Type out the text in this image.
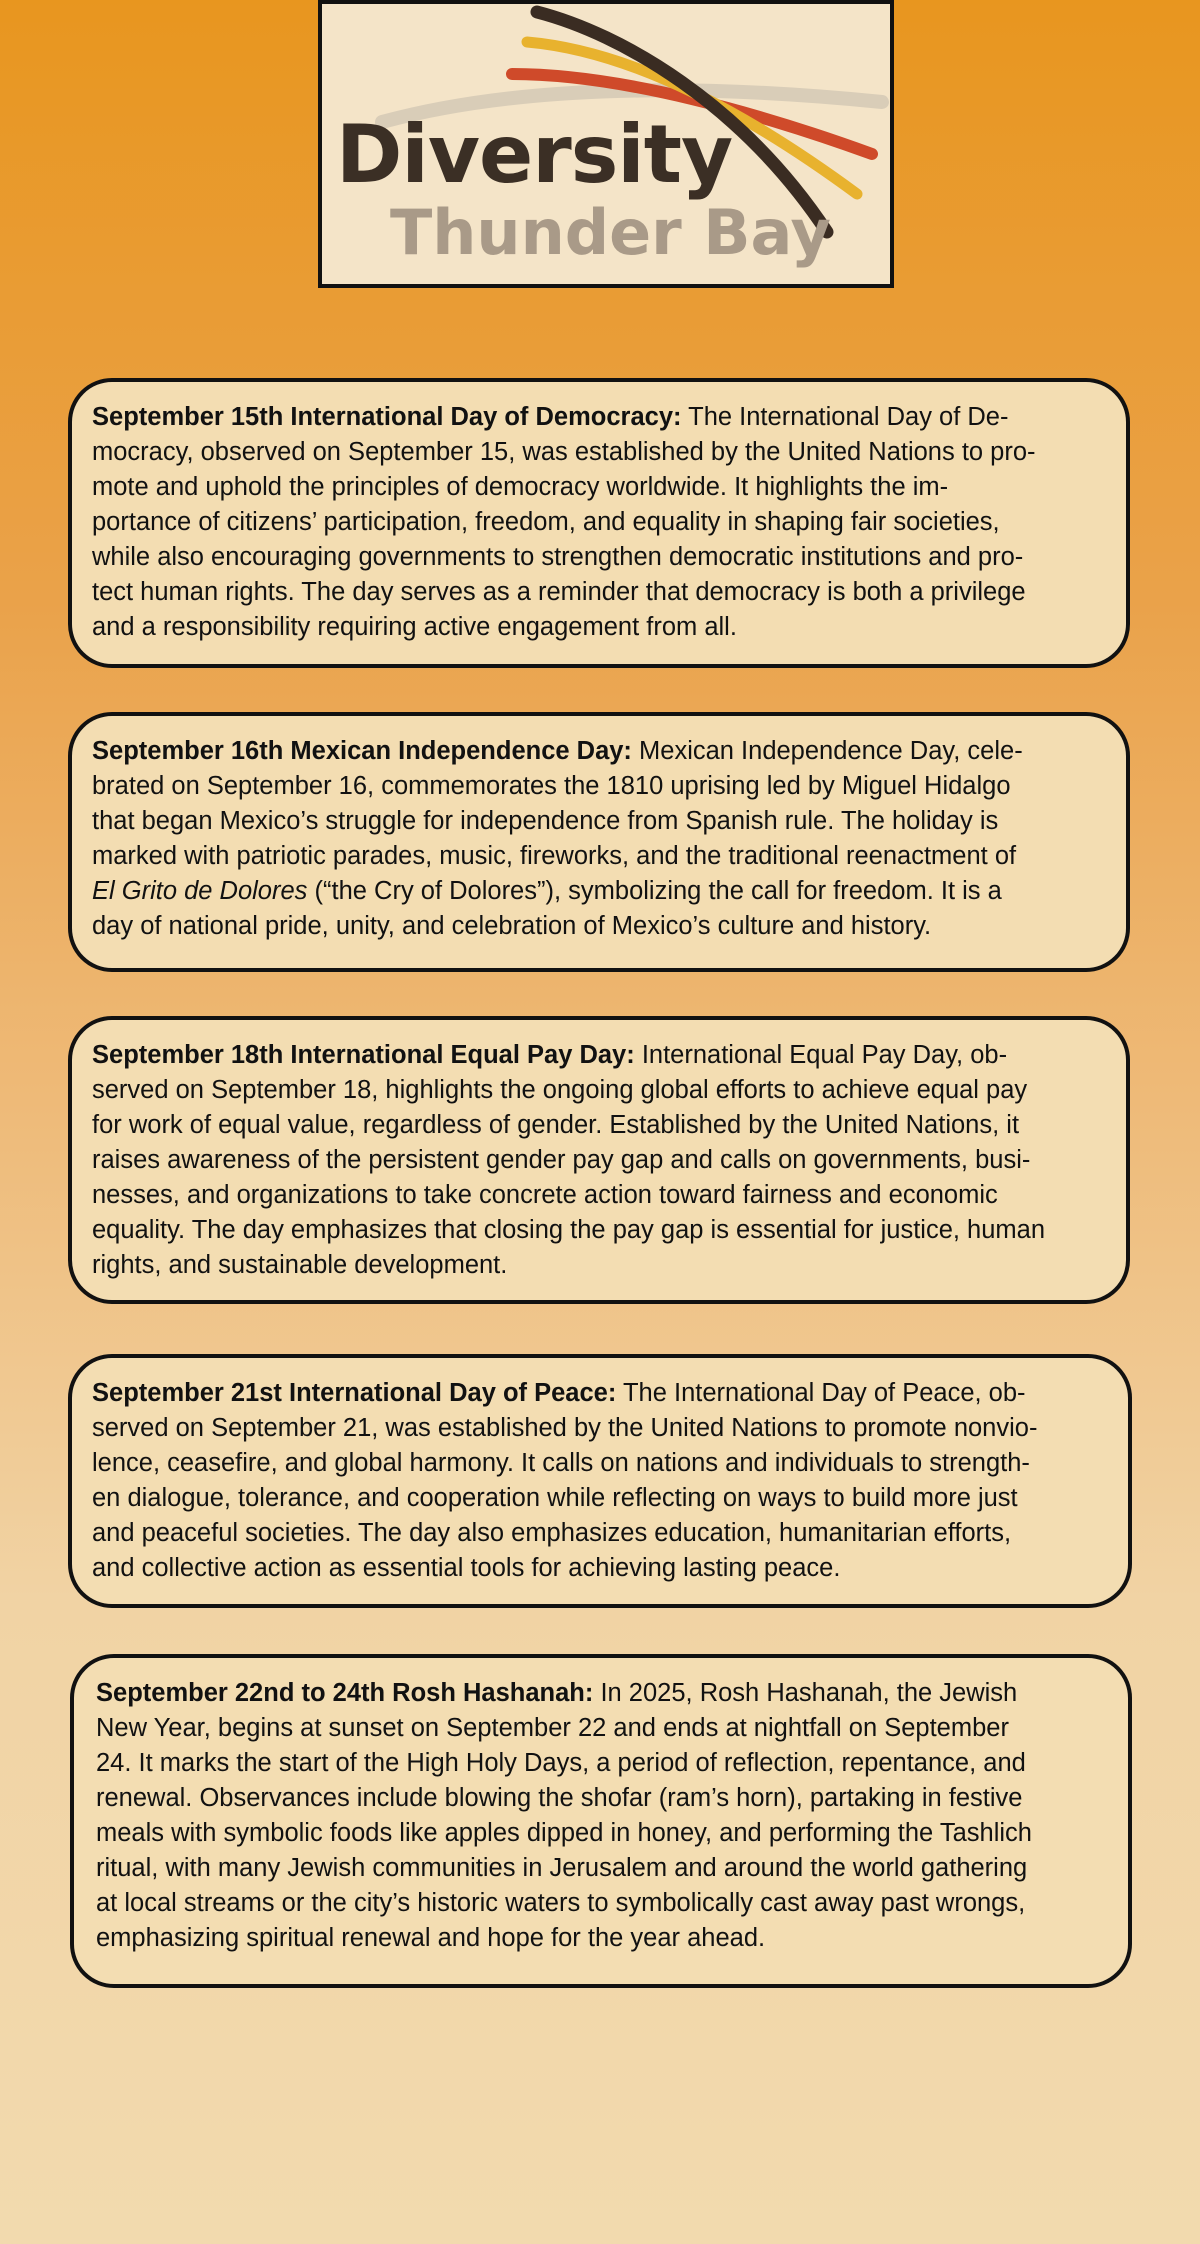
Diversity
Thunder Bay
September 15th International Day of Democracy: The International Day of De-
mocracy, observed on September 15, was established by the United Nations to pro-
mote and uphold the principles of democracy worldwide. It highlights the im-
portance of citizens’ participation, freedom, and equality in shaping fair societies,
while also encouraging governments to strengthen democratic institutions and pro-
tect human rights. The day serves as a reminder that democracy is both a privilege
and a responsibility requiring active engagement from all.
September 16th Mexican Independence Day: Mexican Independence Day, cele-
brated on September 16, commemorates the 1810 uprising led by Miguel Hidalgo
that began Mexico’s struggle for independence from Spanish rule. The holiday is
marked with patriotic parades, music, fireworks, and the traditional reenactment of
El Grito de Dolores (“the Cry of Dolores”), symbolizing the call for freedom. It is a
day of national pride, unity, and celebration of Mexico’s culture and history.
September 18th International Equal Pay Day: International Equal Pay Day, ob-
served on September 18, highlights the ongoing global efforts to achieve equal pay
for work of equal value, regardless of gender. Established by the United Nations, it
raises awareness of the persistent gender pay gap and calls on governments, busi-
nesses, and organizations to take concrete action toward fairness and economic
equality. The day emphasizes that closing the pay gap is essential for justice, human
rights, and sustainable development.
September 21st International Day of Peace: The International Day of Peace, ob-
served on September 21, was established by the United Nations to promote nonvio-
lence, ceasefire, and global harmony. It calls on nations and individuals to strength-
en dialogue, tolerance, and cooperation while reflecting on ways to build more just
and peaceful societies. The day also emphasizes education, humanitarian efforts,
and collective action as essential tools for achieving lasting peace.
September 22nd to 24th Rosh Hashanah: In 2025, Rosh Hashanah, the Jewish
New Year, begins at sunset on September 22 and ends at nightfall on September
24. It marks the start of the High Holy Days, a period of reflection, repentance, and
renewal. Observances include blowing the shofar (ram’s horn), partaking in festive
meals with symbolic foods like apples dipped in honey, and performing the Tashlich
ritual, with many Jewish communities in Jerusalem and around the world gathering
at local streams or the city’s historic waters to symbolically cast away past wrongs,
emphasizing spiritual renewal and hope for the year ahead.
